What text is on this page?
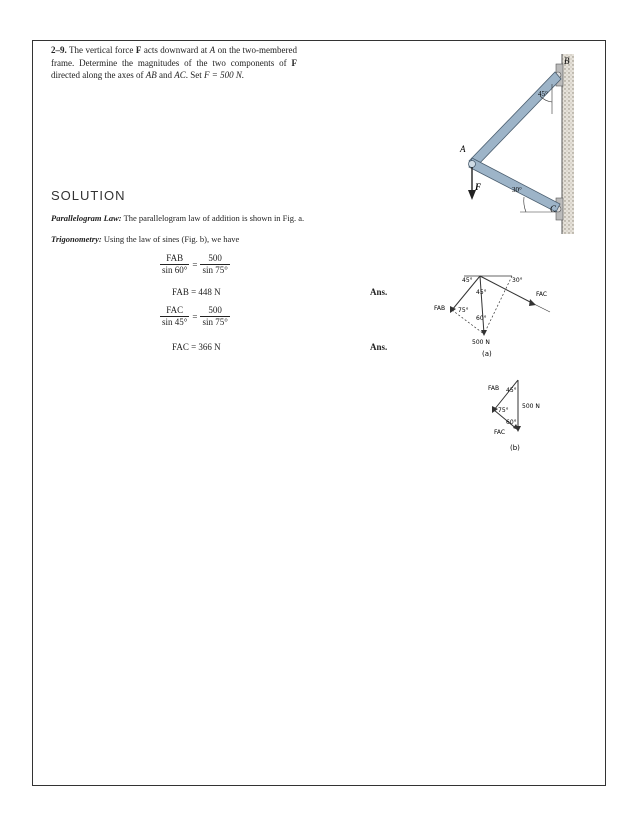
2–9. The vertical force F acts downward at A on the two-membered frame. Determine the magnitudes of the two components of F directed along the axes of AB and AC. Set F = 500 N.
B
A
C
F
45°
30°
SOLUTION
Parallelogram Law: The parallelogram law of addition is shown in Fig. a.
Trigonometry: Using the law of sines (Fig. b), we have
$\frac{\text{FAB}}{\sin 60^\circ} = \frac{500}{\sin 75^\circ}$
FAB = 448 N	Ans.
$\frac{\text{FAC}}{\sin 45^\circ} = \frac{500}{\sin 75^\circ}$
FAC = 366 N	Ans.
45°	30°
45°
75°
60°
FAB
FAC
500 N
(a)
FAB
FAC
45°
75°
60°
500 N
(b)
